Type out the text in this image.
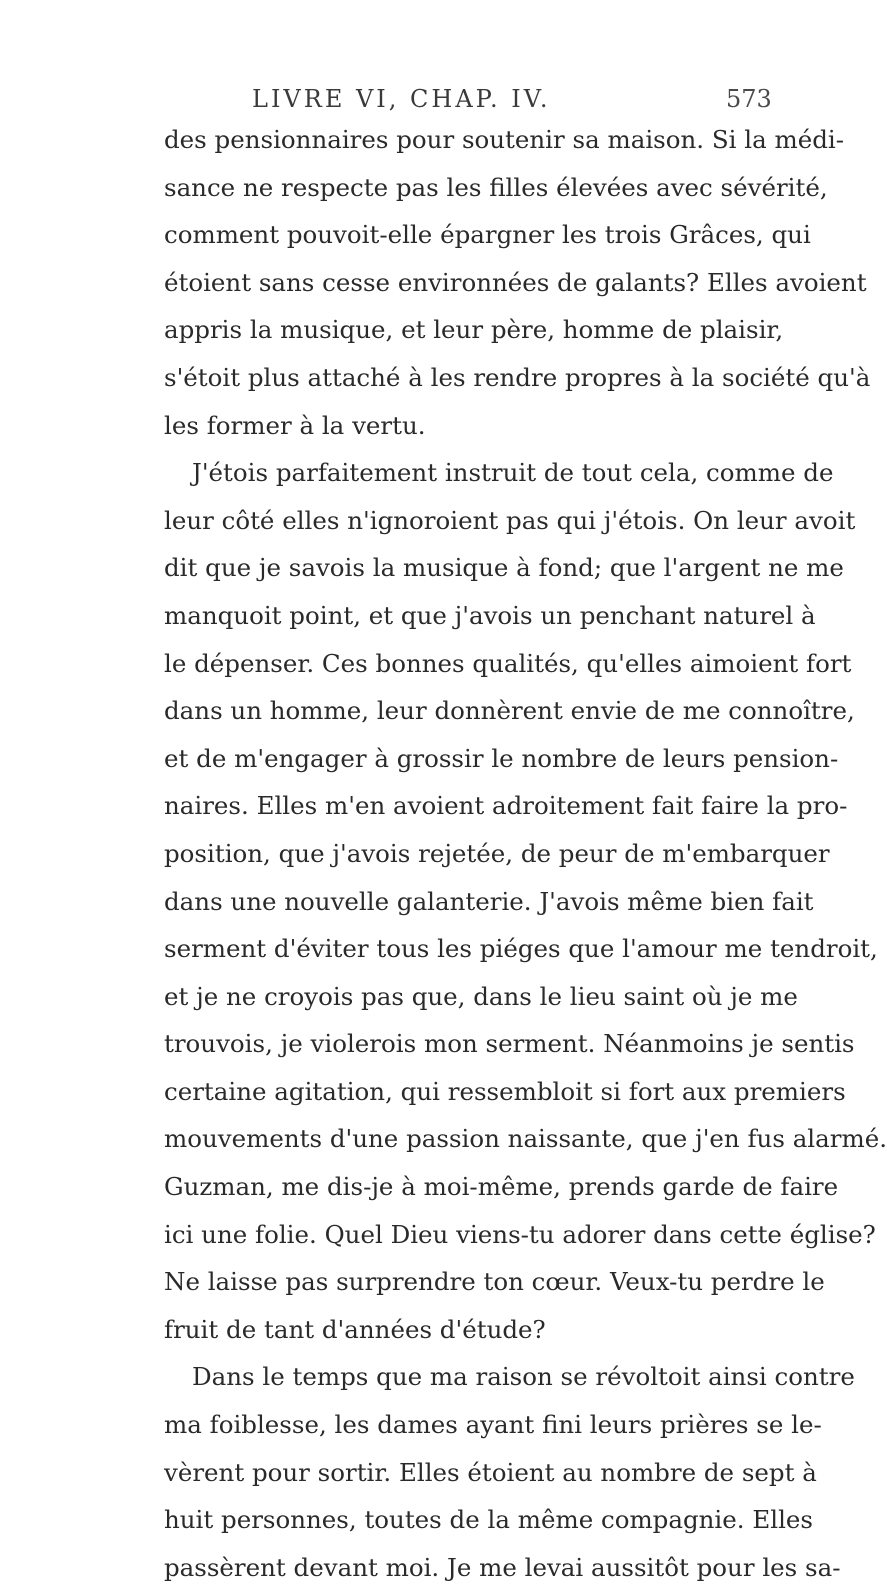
LIVRE VI, CHAP. IV.	573
des pensionnaires pour soutenir sa maison. Si la médi-
sance ne respecte pas les filles élevées avec sévérité,
comment pouvoit-elle épargner les trois Grâces, qui
étoient sans cesse environnées de galants? Elles avoient
appris la musique, et leur père, homme de plaisir,
s'étoit plus attaché à les rendre propres à la société qu'à
les former à la vertu.
J'étois parfaitement instruit de tout cela, comme de
leur côté elles n'ignoroient pas qui j'étois. On leur avoit
dit que je savois la musique à fond; que l'argent ne me
manquoit point, et que j'avois un penchant naturel à
le dépenser. Ces bonnes qualités, qu'elles aimoient fort
dans un homme, leur donnèrent envie de me connoître,
et de m'engager à grossir le nombre de leurs pension-
naires. Elles m'en avoient adroitement fait faire la pro-
position, que j'avois rejetée, de peur de m'embarquer
dans une nouvelle galanterie. J'avois même bien fait
serment d'éviter tous les piéges que l'amour me tendroit,
et je ne croyois pas que, dans le lieu saint où je me
trouvois, je violerois mon serment. Néanmoins je sentis
certaine agitation, qui ressembloit si fort aux premiers
mouvements d'une passion naissante, que j'en fus alarmé.
Guzman, me dis-je à moi-même, prends garde de faire
ici une folie. Quel Dieu viens-tu adorer dans cette église?
Ne laisse pas surprendre ton cœur. Veux-tu perdre le
fruit de tant d'années d'étude?
Dans le temps que ma raison se révoltoit ainsi contre
ma foiblesse, les dames ayant fini leurs prières se le-
vèrent pour sortir. Elles étoient au nombre de sept à
huit personnes, toutes de la même compagnie. Elles
passèrent devant moi. Je me levai aussitôt pour les sa-
